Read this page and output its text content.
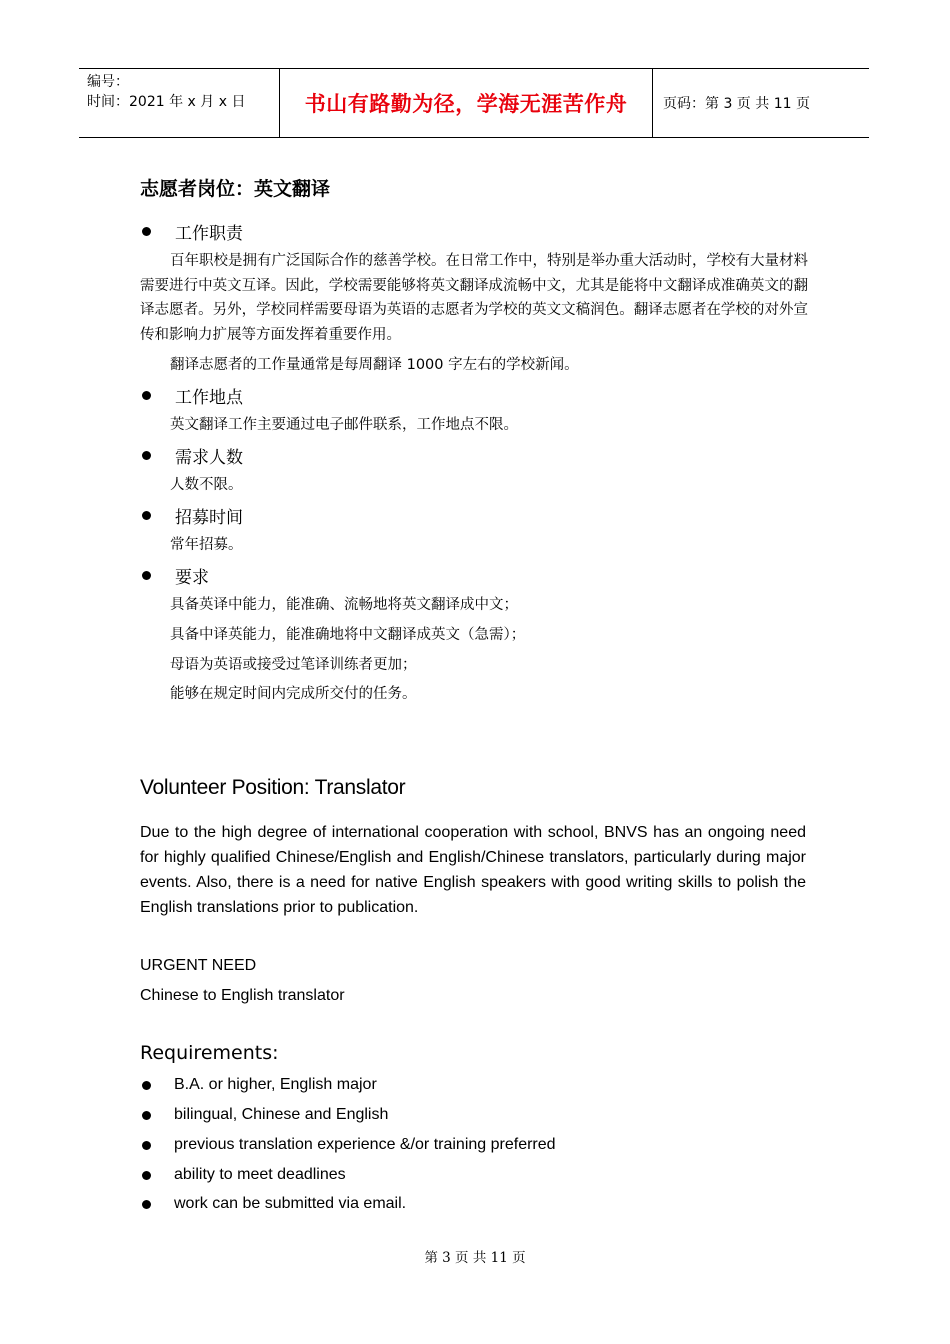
编号：
时间：2021 年 x 月 x 日	书山有路勤为径，学海无涯苦作舟	页码：第 3 页 共 11 页
志愿者岗位：英文翻译
工作职责
百年职校是拥有广泛国际合作的慈善学校。在日常工作中，特别是举办重大活动时，学校有大量材料需要进行中英文互译。因此，学校需要能够将英文翻译成流畅中文，尤其是能将中文翻译成准确英文的翻译志愿者。另外，学校同样需要母语为英语的志愿者为学校的英文文稿润色。翻译志愿者在学校的对外宣传和影响力扩展等方面发挥着重要作用。
翻译志愿者的工作量通常是每周翻译 1000 字左右的学校新闻。
工作地点
英文翻译工作主要通过电子邮件联系，工作地点不限。
需求人数
人数不限。
招募时间
常年招募。
要求
具备英译中能力，能准确、流畅地将英文翻译成中文；
具备中译英能力，能准确地将中文翻译成英文（急需）；
母语为英语或接受过笔译训练者更加；
能够在规定时间内完成所交付的任务。
Volunteer Position: Translator
Due to the high degree of international cooperation with school, BNVS has an ongoing need for highly qualified Chinese/English and English/Chinese translators, particularly during major events. Also, there is a need for native English speakers with good writing skills to polish the English translations prior to publication.
URGENT NEED
Chinese to English translator
Requirements:
B.A. or higher, English major
bilingual, Chinese and English
previous translation experience &/or training preferred
ability to meet deadlines
work can be submitted via email.
第 3 页 共 11 页
